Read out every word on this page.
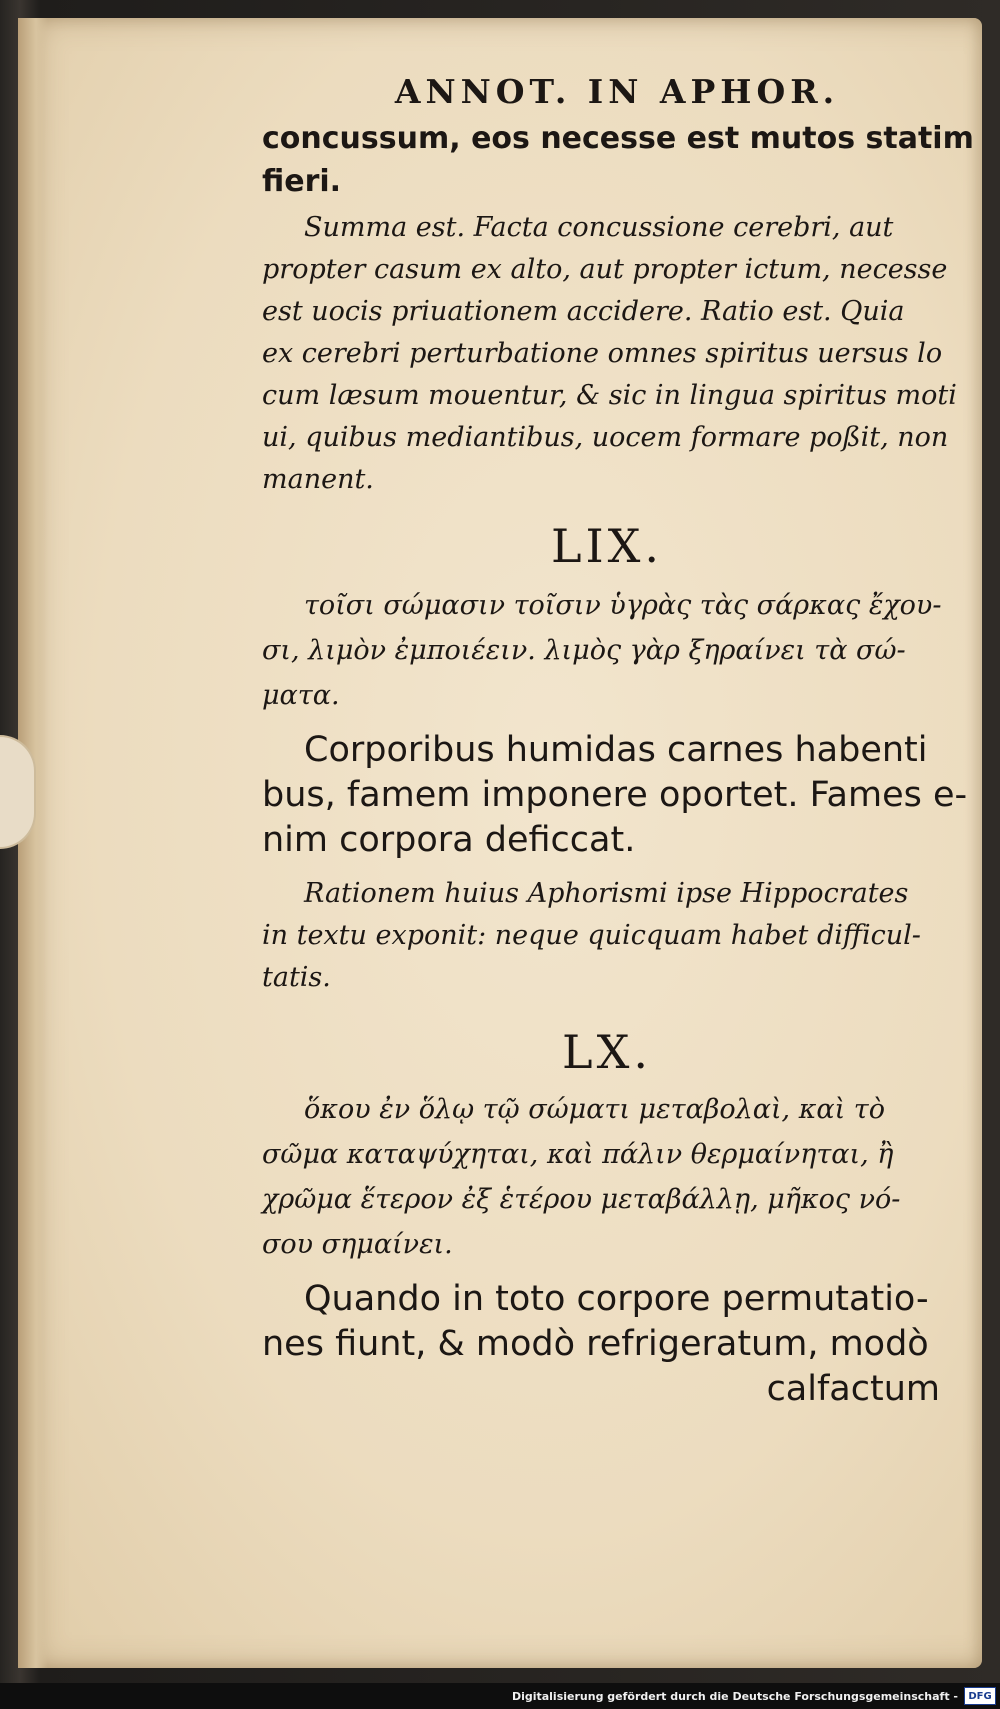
ANNOT. IN APHOR.

concussum, eos necesse est mutos statim

fieri.

Summa est. Facta concussione cerebri, aut

propter casum ex alto, aut propter ictum, necesse

est uocis priuationem accidere. Ratio est. Quia

ex cerebri perturbatione omnes spiritus uersus lo

cum læsum mouentur, & sic in lingua spiritus moti

ui, quibus mediantibus, uocem formare poßit, non

manent.

LIX.

τοῖσι σώμασιν τοῖσιν ὑγρὰς τὰς σάρκας ἔχου-

σι, λιμὸν ἐμποιέειν. λιμὸς γὰρ ξηραίνει τὰ σώ-

ματα.

Corporibus humidas carnes habenti

bus, famem imponere oportet. Fames e-

nim corpora deficcat.

Rationem huius Aphorismi ipse Hippocrates

in textu exponit: neque quicquam habet difficul-

tatis.

LX.

ὅκου ἐν ὅλῳ τῷ σώματι μεταβολαὶ, καὶ τὸ

σῶμα καταψύχηται, καὶ πάλιν θερμαίνηται, ἢ

χρῶμα ἕτερον ἐξ ἑτέρου μεταβάλλῃ, μῆκος νό-

σου σημαίνει.

Quando in toto corpore permutatio-

nes fiunt, & modò refrigeratum, modò

calfactum

Digitalisierung gefördert durch die Deutsche Forschungsgemeinschaft -	DFG
